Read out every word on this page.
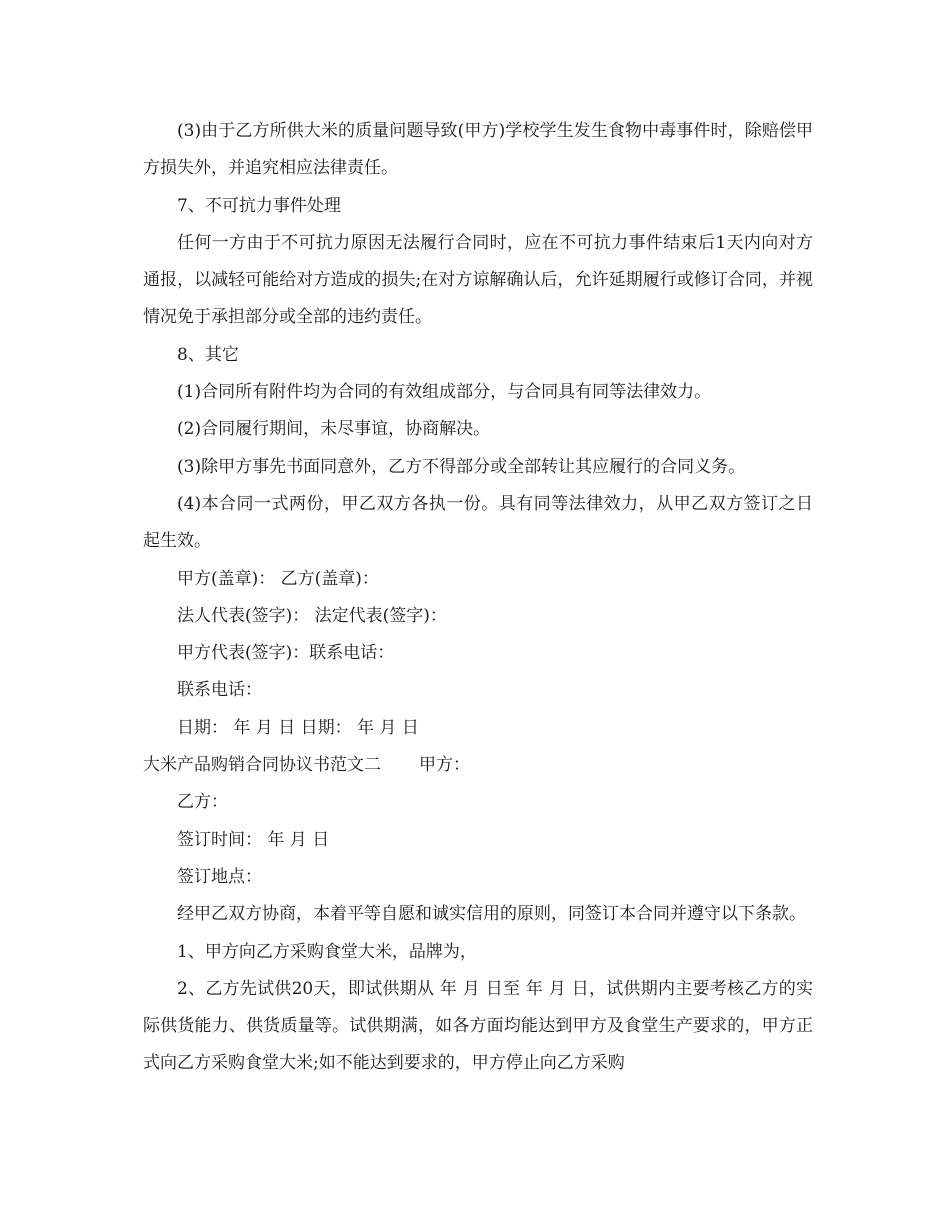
(3)由于乙方所供大米的质量问题导致(甲方)学校学生发生食物中毒事件时，除赔偿甲方损失外，并追究相应法律责任。

7、不可抗力事件处理

任何一方由于不可抗力原因无法履行合同时，应在不可抗力事件结束后1天内向对方通报，以减轻可能给对方造成的损失;在对方谅解确认后，允许延期履行或修订合同，并视情况免于承担部分或全部的违约责任。

8、其它

(1)合同所有附件均为合同的有效组成部分，与合同具有同等法律效力。

(2)合同履行期间，未尽事谊，协商解决。

(3)除甲方事先书面同意外，乙方不得部分或全部转让其应履行的合同义务。

(4)本合同一式两份，甲乙双方各执一份。具有同等法律效力，从甲乙双方签订之日起生效。

甲方(盖章)： 乙方(盖章)：

法人代表(签字)： 法定代表(签字)：

甲方代表(签字)：联系电话：

联系电话：

日期： 年 月 日 日期： 年 月 日

大米产品购销合同协议书范文二 甲方：

乙方：

签订时间： 年 月 日

签订地点：

经甲乙双方协商，本着平等自愿和诚实信用的原则，同签订本合同并遵守以下条款。

1、甲方向乙方采购食堂大米，品牌为，

2、乙方先试供20天，即试供期从 年 月 日至 年 月 日，试供期内主要考核乙方的实际供货能力、供货质量等。试供期满，如各方面均能达到甲方及食堂生产要求的，甲方正式向乙方采购食堂大米;如不能达到要求的，甲方停止向乙方采购
